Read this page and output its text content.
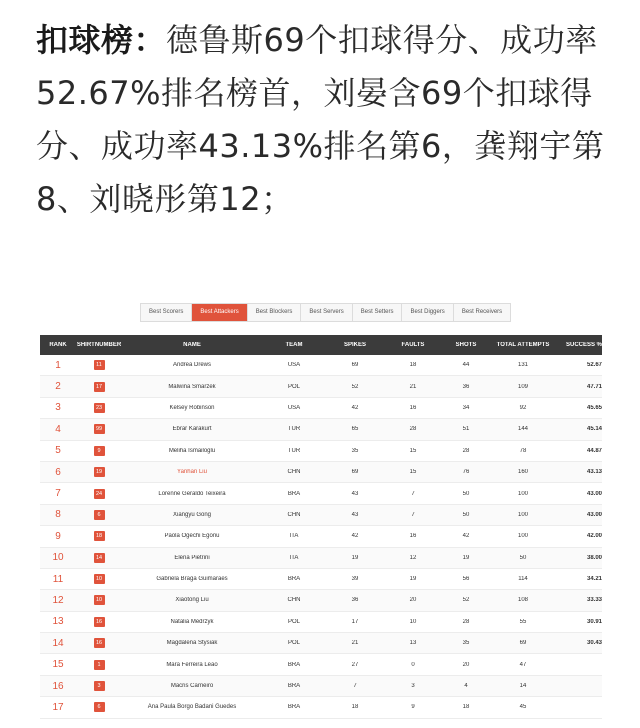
扣球榜：德鲁斯69个扣球得分、成功率52.67%排名榜首，刘晏含69个扣球得分、成功率43.13%排名第6，龚翔宇第8、刘晓彤第12；
Best Scorers	Best Attackers	Best Blockers	Best Servers	Best Setters	Best Diggers	Best Receivers
RANK	SHIRTNUMBER	NAME	TEAM	SPIKES	FAULTS	SHOTS	TOTAL ATTEMPTS	SUCCESS %
1	11	Andrea Drews	USA	69	18	44	131	52.67
2	17	Malwina Smarzek	POL	52	21	36	109	47.71
3	23	Kelsey Robinson	USA	42	16	34	92	45.65
4	99	Ebrar Karakurt	TUR	65	28	51	144	45.14
5	9	Meliha Ismailoglu	TUR	35	15	28	78	44.87
6	19	Yanhan Liu	CHN	69	15	76	160	43.13
7	24	Lorenne Geraldo Teixeira	BRA	43	7	50	100	43.00
8	6	Xiangyu Gong	CHN	43	7	50	100	43.00
9	18	Paola Ogechi Egonu	ITA	42	16	42	100	42.00
10	14	Elena Pietrini	ITA	19	12	19	50	38.00
11	10	Gabriela Braga Guimaraes	BRA	39	19	56	114	34.21
12	10	Xiaotong Liu	CHN	36	20	52	108	33.33
13	16	Natalia Medrzyk	POL	17	10	28	55	30.91
14	16	Magdalena Stysiak	POL	21	13	35	69	30.43
15	1	Mara Ferreira Leao	BRA	27	0	20	47
16	3	Macris Carneiro	BRA	7	3	4	14
17	6	Ana Paula Borgo Badani Guedes	BRA	18	9	18	45
